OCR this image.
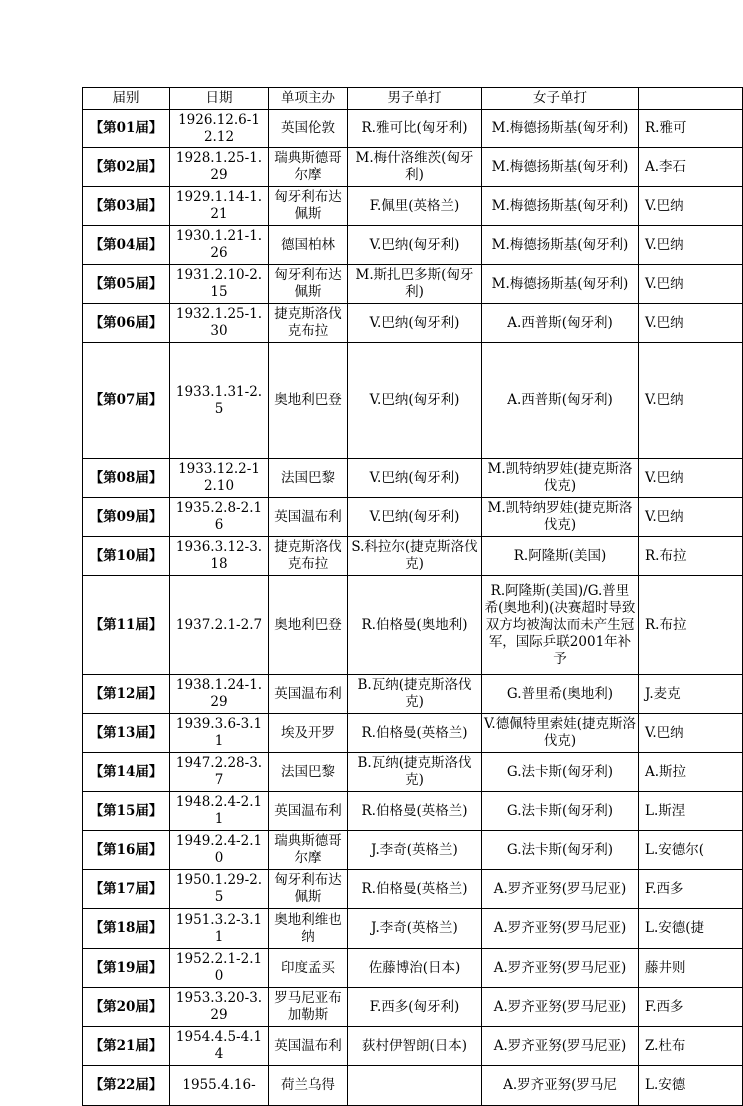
届别	日期	单项主办	男子单打	女子单打	
【第01届】	1926.12.6-12.12	英国伦敦	R.雅可比(匈牙利)	M.梅德扬斯基(匈牙利)	R.雅可
【第02届】	1928.1.25-1.29	瑞典斯德哥尔摩	M.梅什洛维茨(匈牙利)	M.梅德扬斯基(匈牙利)	A.李石
【第03届】	1929.1.14-1.21	匈牙利布达佩斯	F.佩里(英格兰)	M.梅德扬斯基(匈牙利)	V.巴纳
【第04届】	1930.1.21-1.26	德国柏林	V.巴纳(匈牙利)	M.梅德扬斯基(匈牙利)	V.巴纳
【第05届】	1931.2.10-2.15	匈牙利布达佩斯	M.斯扎巴多斯(匈牙利)	M.梅德扬斯基(匈牙利)	V.巴纳
【第06届】	1932.1.25-1.30	捷克斯洛伐克布拉	V.巴纳(匈牙利)	A.西普斯(匈牙利)	V.巴纳
【第07届】	1933.1.31-2.5	奥地利巴登	V.巴纳(匈牙利)	A.西普斯(匈牙利)	V.巴纳
【第08届】	1933.12.2-12.10	法国巴黎	V.巴纳(匈牙利)	M.凯特纳罗娃(捷克斯洛伐克)	V.巴纳
【第09届】	1935.2.8-2.16	英国温布利	V.巴纳(匈牙利)	M.凯特纳罗娃(捷克斯洛伐克)	V.巴纳
【第10届】	1936.3.12-3.18	捷克斯洛伐克布拉	S.科拉尔(捷克斯洛伐克)	R.阿隆斯(美国)	R.布拉
【第11届】	1937.2.1-2.7	奥地利巴登	R.伯格曼(奥地利)	R.阿隆斯(美国)/G.普里希(奥地利)(决赛超时导致双方均被淘汰而未产生冠军，国际乒联2001年补予	R.布拉
【第12届】	1938.1.24-1.29	英国温布利	B.瓦纳(捷克斯洛伐克)	G.普里希(奥地利)	J.麦克
【第13届】	1939.3.6-3.11	埃及开罗	R.伯格曼(英格兰)	V.德佩特里索娃(捷克斯洛伐克)	V.巴纳
【第14届】	1947.2.28-3.7	法国巴黎	B.瓦纳(捷克斯洛伐克)	G.法卡斯(匈牙利)	A.斯拉
【第15届】	1948.2.4-2.11	英国温布利	R.伯格曼(英格兰)	G.法卡斯(匈牙利)	L.斯涅
【第16届】	1949.2.4-2.10	瑞典斯德哥尔摩	J.李奇(英格兰)	G.法卡斯(匈牙利)	L.安德尔(
【第17届】	1950.1.29-2.5	匈牙利布达佩斯	R.伯格曼(英格兰)	A.罗齐亚努(罗马尼亚)	F.西多
【第18届】	1951.3.2-3.11	奥地利维也纳	J.李奇(英格兰)	A.罗齐亚努(罗马尼亚)	L.安德(捷
【第19届】	1952.2.1-2.10	印度孟买	佐藤博治(日本)	A.罗齐亚努(罗马尼亚)	藤井则
【第20届】	1953.3.20-3.29	罗马尼亚布加勒斯	F.西多(匈牙利)	A.罗齐亚努(罗马尼亚)	F.西多
【第21届】	1954.4.5-4.14	英国温布利	荻村伊智朗(日本)	A.罗齐亚努(罗马尼亚)	Z.杜布
【第22届】	1955.4.16-	荷兰乌得		A.罗齐亚努(罗马尼	L.安德
